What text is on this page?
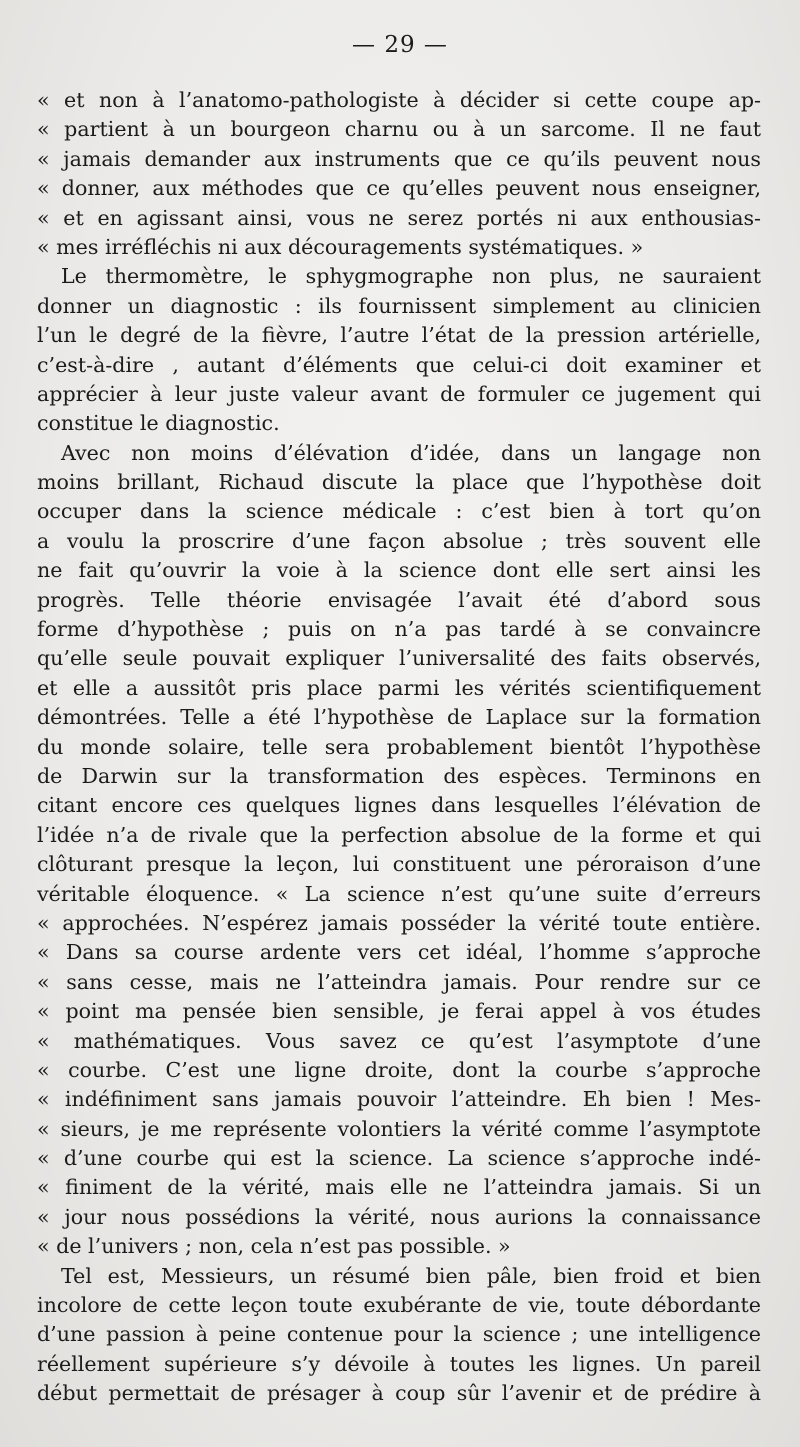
— 29 —
« et non à l’anatomo-pathologiste à décider si cette coupe ap-
« partient à un bourgeon charnu ou à un sarcome. Il ne faut
« jamais demander aux instruments que ce qu’ils peuvent nous
« donner, aux méthodes que ce qu’elles peuvent nous enseigner,
« et en agissant ainsi, vous ne serez portés ni aux enthousias-
« mes irréfléchis ni aux découragements systématiques. »
Le thermomètre, le sphygmographe non plus, ne sauraient
donner un diagnostic : ils fournissent simplement au clinicien
l’un le degré de la fièvre, l’autre l’état de la pression artérielle,
c’est-à-dire , autant d’éléments que celui-ci doit examiner et
apprécier à leur juste valeur avant de formuler ce jugement qui
constitue le diagnostic.
Avec non moins d’élévation d’idée, dans un langage non
moins brillant, Richaud discute la place que l’hypothèse doit
occuper dans la science médicale : c’est bien à tort qu’on
a voulu la proscrire d’une façon absolue ; très souvent elle
ne fait qu’ouvrir la voie à la science dont elle sert ainsi les
progrès. Telle théorie envisagée l’avait été d’abord sous
forme d’hypothèse ; puis on n’a pas tardé à se convaincre
qu’elle seule pouvait expliquer l’universalité des faits observés,
et elle a aussitôt pris place parmi les vérités scientifiquement
démontrées. Telle a été l’hypothèse de Laplace sur la formation
du monde solaire, telle sera probablement bientôt l’hypothèse
de Darwin sur la transformation des espèces. Terminons en
citant encore ces quelques lignes dans lesquelles l’élévation de
l’idée n’a de rivale que la perfection absolue de la forme et qui
clôturant presque la leçon, lui constituent une péroraison d’une
véritable éloquence. « La science n’est qu’une suite d’erreurs
« approchées. N’espérez jamais posséder la vérité toute entière.
« Dans sa course ardente vers cet idéal, l’homme s’approche
« sans cesse, mais ne l’atteindra jamais. Pour rendre sur ce
« point ma pensée bien sensible, je ferai appel à vos études
« mathématiques. Vous savez ce qu’est l’asymptote d’une
« courbe. C’est une ligne droite, dont la courbe s’approche
« indéfiniment sans jamais pouvoir l’atteindre. Eh bien ! Mes-
« sieurs, je me représente volontiers la vérité comme l’asymptote
« d’une courbe qui est la science. La science s’approche indé-
« finiment de la vérité, mais elle ne l’atteindra jamais. Si un
« jour nous possédions la vérité, nous aurions la connaissance
« de l’univers ; non, cela n’est pas possible. »
Tel est, Messieurs, un résumé bien pâle, bien froid et bien
incolore de cette leçon toute exubérante de vie, toute débordante
d’une passion à peine contenue pour la science ; une intelligence
réellement supérieure s’y dévoile à toutes les lignes. Un pareil
début permettait de présager à coup sûr l’avenir et de prédire à
